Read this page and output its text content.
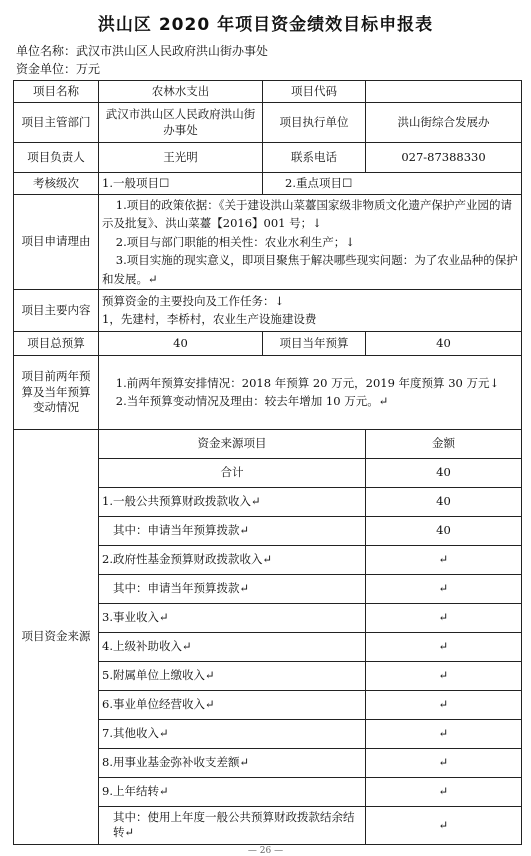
洪山区 2020 年项目资金绩效目标申报表
单位名称：武汉市洪山区人民政府洪山街办事处
资金单位：万元
项目名称	农林水支出	项目代码	
项目主管部门	武汉市洪山区人民政府洪山街办事处	项目执行单位	洪山街综合发展办
项目负责人	王光明	联系电话	027-87388330
考核级次	1.一般项目☐	2.重点项目☐	
项目申请理由	1.项目的政策依据：《关于建设洪山菜薹国家级非物质文化遗产保护产业园的请示及批复》、洪山菜薹【2016】001 号；↓
2.项目与部门职能的相关性：农业水利生产；↓
3.项目实施的现实意义，即项目聚焦于解决哪些现实问题：为了农业品种的保护和发展。↵		

项目主要内容	预算资金的主要投向及工作任务：↓
1，先建村，李桥村，农业生产设施建设费		

项目总预算	40	项目当年预算	40
项目前两年预算及当年预算变动情况	1.前两年预算安排情况：2018 年预算 20 万元，2019 年度预算 30 万元↓
2.当年预算变动情况及理由：较去年增加 10 万元。↵		

项目资金来源	资金来源项目		金额
	合计		40
	1.一般公共预算财政拨款收入↵		40
	其中：申请当年预算拨款↵		40
	2.政府性基金预算财政拨款收入↵		↵
	其中：申请当年预算拨款↵		↵
	3.事业收入↵		↵
	4.上级补助收入↵		↵
	5.附属单位上缴收入↵		↵
	6.事业单位经营收入↵		↵
	7.其他收入↵		↵
	8.用事业基金弥补收支差额↵		↵
	9.上年结转↵		↵
	其中：使用上年度一般公共预算财政拨款结余结转↵		↵
— 26 —
